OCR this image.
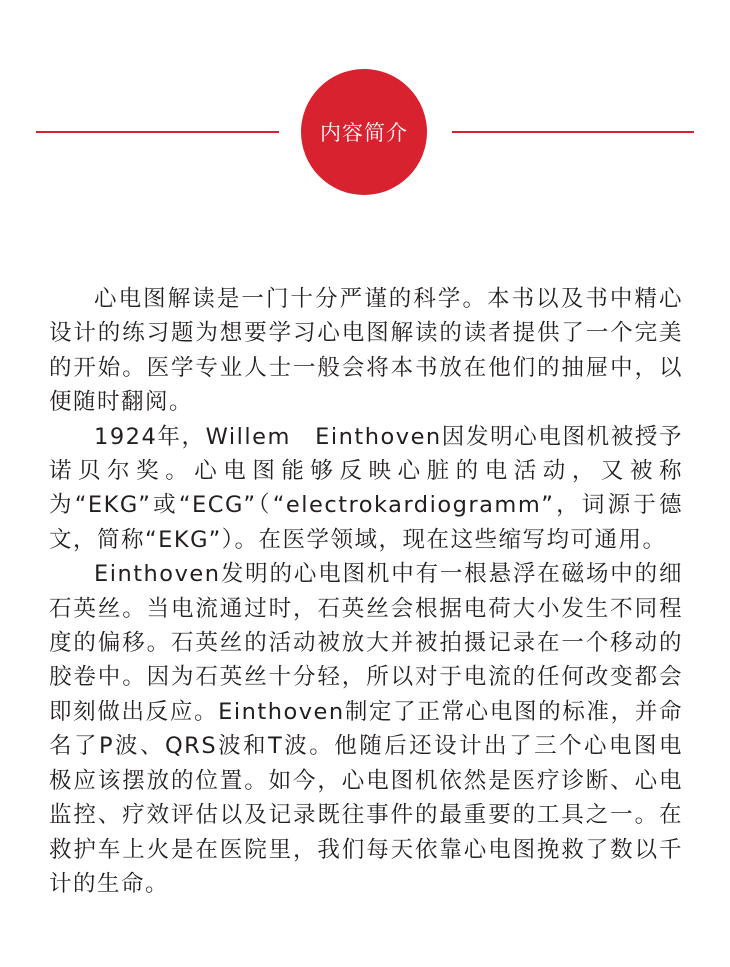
内容简介

心电图解读是一门十分严谨的科学。本书以及书中精心设计的练习题为想要学习心电图解读的读者提供了一个完美的开始。医学专业人士一般会将本书放在他们的抽屉中，以便随时翻阅。

1924年，Willem　Einthoven因发明心电图机被授予诺贝尔奖。心电图能够反映心脏的电活动，又被称为“EKG”或“ECG”（“electrokardiogramm”，词源于德文，简称“EKG”）。在医学领域，现在这些缩写均可通用。

Einthoven发明的心电图机中有一根悬浮在磁场中的细石英丝。当电流通过时，石英丝会根据电荷大小发生不同程度的偏移。石英丝的活动被放大并被拍摄记录在一个移动的胶卷中。因为石英丝十分轻，所以对于电流的任何改变都会即刻做出反应。Einthoven制定了正常心电图的标准，并命名了P波、QRS波和T波。他随后还设计出了三个心电图电极应该摆放的位置。如今，心电图机依然是医疗诊断、心电监控、疗效评估以及记录既往事件的最重要的工具之一。在救护车上火是在医院里，我们每天依靠心电图挽救了数以千计的生命。
